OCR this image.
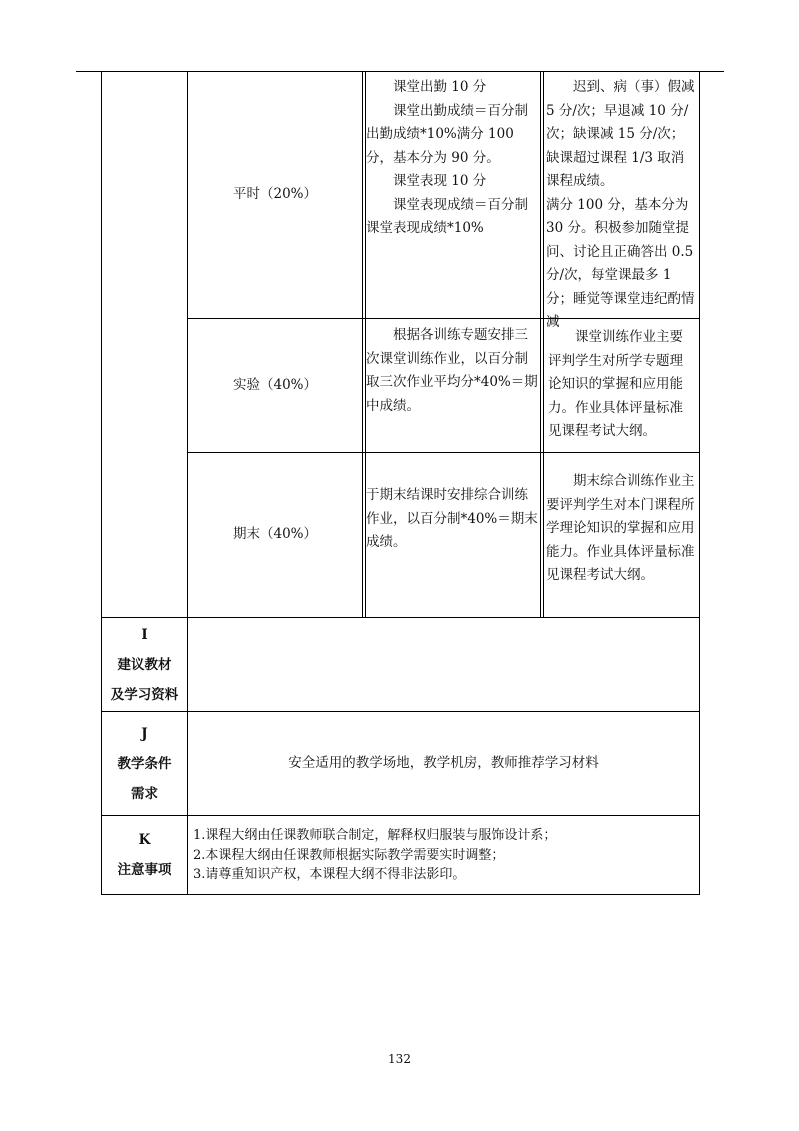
平时（20%）

课堂出勤 10 分

课堂出勤成绩＝百分制出勤成绩*10%满分 100 分，基本分为 90 分。

课堂表现 10 分

课堂表现成绩＝百分制课堂表现成绩*10%

迟到、病（事）假减 5 分/次；早退减 10 分/次；缺课减 15 分/次；缺课超过课程 1/3 取消课程成绩。

满分 100 分，基本分为 30 分。积极参加随堂提问、讨论且正确答出 0.5 分/次，每堂课最多 1 分；睡觉等课堂违纪酌情减

实验（40%）

根据各训练专题安排三次课堂训练作业，以百分制取三次作业平均分*40%＝期中成绩。

课堂训练作业主要评判学生对所学专题理论知识的掌握和应用能力。作业具体评量标准见课程考试大纲。

期末（40%）

于期末结课时安排综合训练作业，以百分制*40%＝期末成绩。

期末综合训练作业主要评判学生对本门课程所学理论知识的掌握和应用能力。作业具体评量标准见课程考试大纲。

I
建议教材
及学习资料
J
教学条件
需求
安全适用的教学场地，教学机房，教师推荐学习材料
K
注意事项
1.课程大纲由任课教师联合制定，解释权归服装与服饰设计系；
2.本课程大纲由任课教师根据实际教学需要实时调整；
3.请尊重知识产权，本课程大纲不得非法影印。
132
